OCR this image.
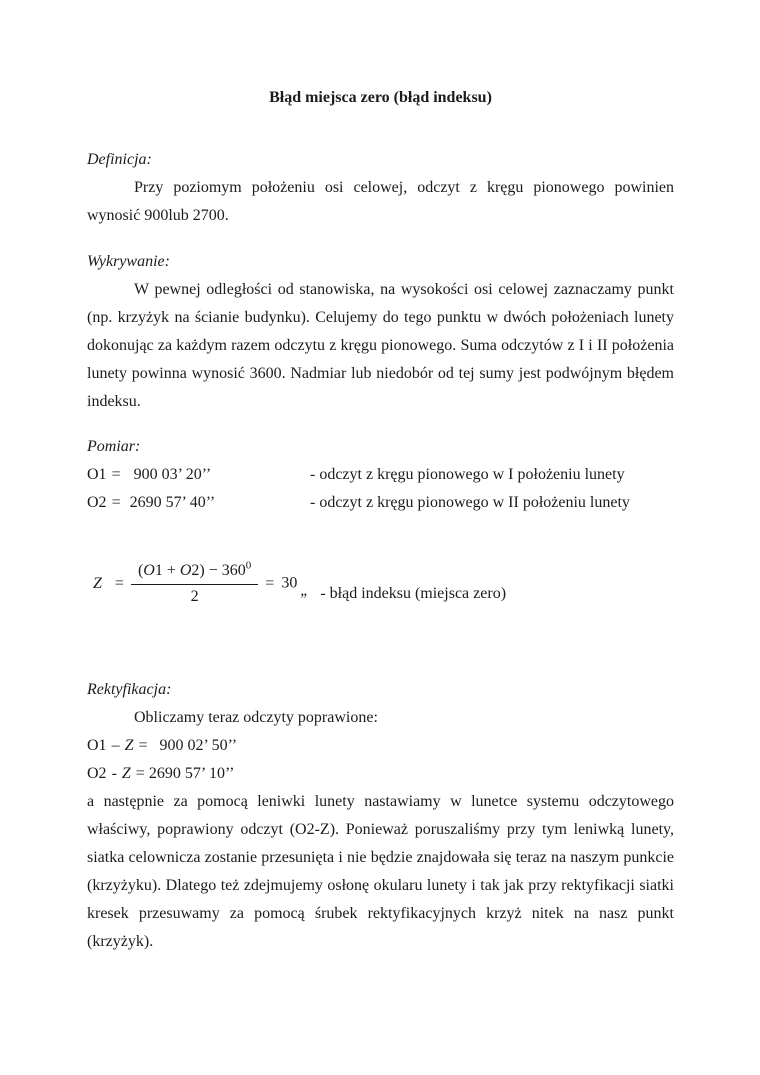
Błąd miejsca zero (błąd indeksu)

Definicja:

Przy poziomym położeniu osi celowej, odczyt z kręgu pionowego powinien wynosić 900lub 2700.

Wykrywanie:

W pewnej odległości od stanowiska, na wysokości osi celowej zaznaczamy punkt (np. krzyżyk na ścianie budynku). Celujemy do tego punktu w dwóch położeniach lunety dokonując za każdym razem odczytu z kręgu pionowego. Suma odczytów z I i II położenia lunety powinna wynosić 3600. Nadmiar lub niedobór od tej sumy jest podwójnym błędem indeksu.

Pomiar:

O1 =  900 03’ 20’’	- odczyt z kręgu pionowego w I położeniu lunety
O2 = 2690 57’ 40’’	- odczyt z kręgu pionowego w II położeniu lunety
$Z = \frac{(O1 + O2) - 360^0}{2} = 30$ ,, - błąd indeksu (miejsca zero)

Rektyfikacja:

Obliczamy teraz odczyty poprawione:

O1 – Z =   900 02’ 50’’

O2 - Z = 2690 57’ 10’’

a następnie za pomocą leniwki lunety nastawiamy w lunetce systemu odczytowego właściwy, poprawiony odczyt (O2-Z). Ponieważ poruszaliśmy przy tym leniwką lunety, siatka celownicza zostanie przesunięta i nie będzie znajdowała się teraz na naszym punkcie (krzyżyku). Dlatego też zdejmujemy osłonę okularu lunety i tak jak przy rektyfikacji siatki kresek przesuwamy za pomocą śrubek rektyfikacyjnych krzyż nitek na nasz punkt (krzyżyk).
